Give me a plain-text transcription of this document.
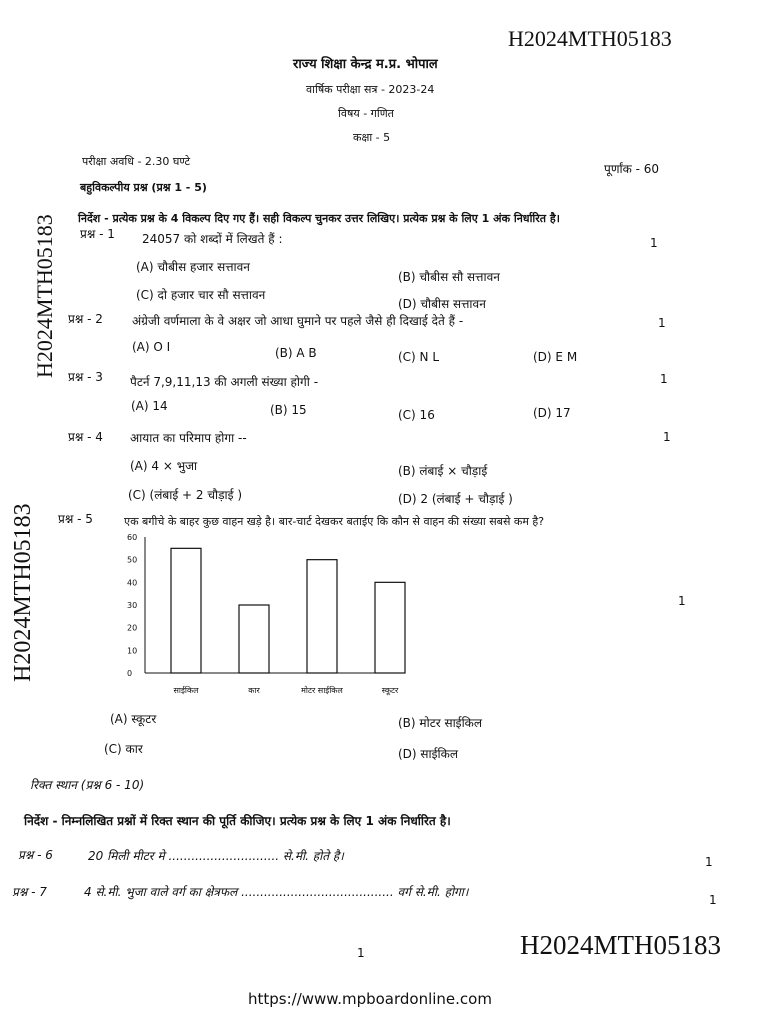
H2024MTH05183
H2024MTH05183
H2024MTH05183
राज्य शिक्षा केन्द्र म.प्र. भोपाल
वार्षिक परीक्षा सत्र - 2023-24
विषय - गणित
कक्षा - 5
परीक्षा अवधि - 2.30 घण्टे
पूर्णांक - 60
बहुविकल्पीय प्रश्न (प्रश्न 1 - 5)
निर्देश - प्रत्येक प्रश्न के 4 विकल्प दिए गए हैं। सही विकल्प चुनकर उत्तर लिखिए। प्रत्येक प्रश्न के लिए 1 अंक निर्धारित है।
प्रश्न - 1 24057 को शब्दों में लिखते हैं :	1
(A) चौबीस हजार सत्तावन
(B) चौबीस सौ सत्तावन
(C) दो हजार चार सौ सत्तावन
(D) चौबीस सत्तावन
प्रश्न - 2 अंग्रेजी वर्णमाला के वे अक्षर जो आधा घुमाने पर पहले जैसे ही दिखाई देते हैं -	1
(A) O I	(B) A B	(C) N L	(D) E M
प्रश्न - 3 पैटर्न 7,9,11,13 की अगली संख्या होगी -	1
(A) 14	(B) 15	(C) 16	(D) 17
प्रश्न - 4 आयात का परिमाप होगा --	1
(A) 4 × भुजा	(B) लंबाई × चौड़ाई
(C) (लंबाई + 2 चौड़ाई )	(D) 2 (लंबाई + चौड़ाई )
प्रश्न - 5	एक बगीचे के बाहर कुछ वाहन खड़े है। बार-चार्ट देखकर बताईए कि कौन से वाहन की संख्या सबसे कम है?
1
0
10
20
30
40
50
60
साईकिल	कार	मोटर साईकिल	स्कूटर
(A) स्कूटर	(B) मोटर साईकिल
(C) कार	(D) साईकिल
रिक्त स्थान (प्रश्न 6 - 10)
निर्देश - निम्नलिखित प्रश्नों में रिक्त स्थान की पूर्ति कीजिए। प्रत्येक प्रश्न के लिए 1 अंक निर्धारित है।
प्रश्न - 6	20 मिली मीटर मे ............................. से.मी. होते है।	1
प्रश्न - 7	4 से.मी. भुजा वाले वर्ग का क्षेत्रफल ........................................ वर्ग से.मी. होगा।
1
1	H2024MTH05183
https://www.mpboardonline.com
